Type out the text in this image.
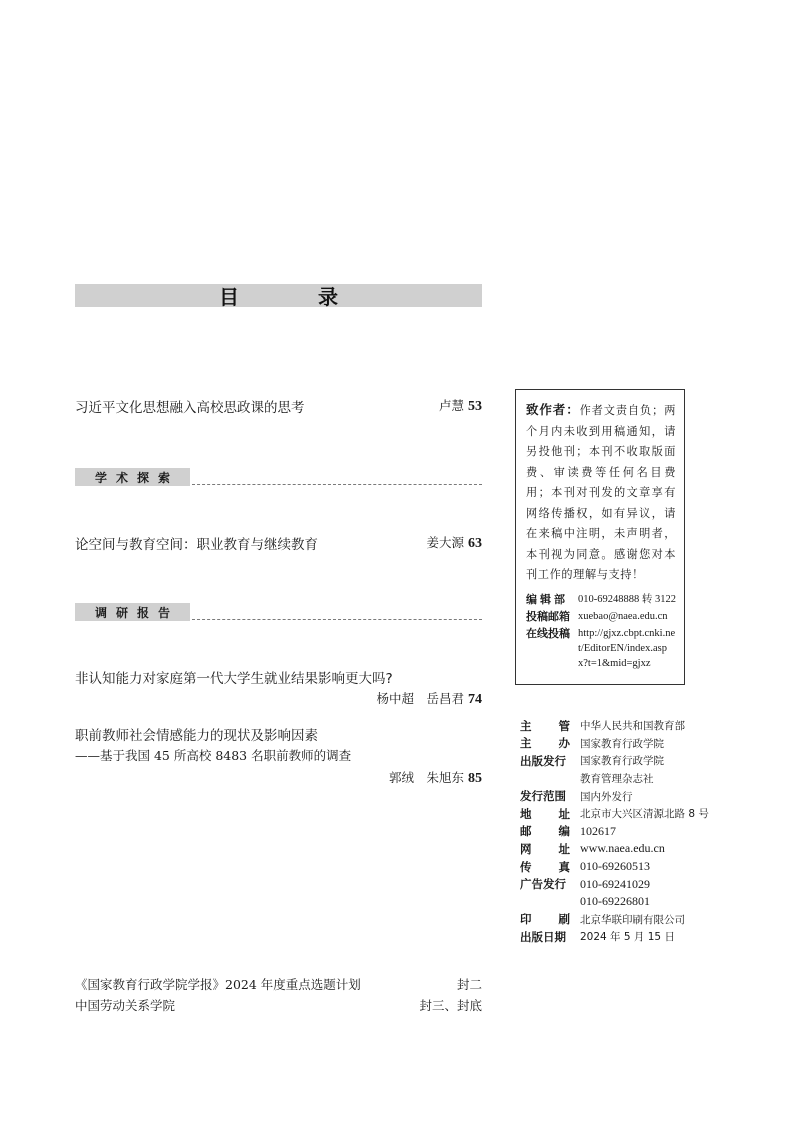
目 录
习近平文化思想融入高校思政课的思考	卢慧 53
学术探索
论空间与教育空间：职业教育与继续教育	姜大源 63
调研报告
非认知能力对家庭第一代大学生就业结果影响更大吗?
杨中超　岳昌君 74
职前教师社会情感能力的现状及影响因素
——基于我国 45 所高校 8483 名职前教师的调查
郭绒　朱旭东 85
致作者：作者文责自负；两个月内未收到用稿通知，请另投他刊；本刊不收取版面费、审读费等任何名目费用；本刊对刊发的文章享有网络传播权，如有异议，请在来稿中注明，未声明者，本刊视为同意。感谢您对本刊工作的理解与支持！
编辑部 010-69248888 转 3122
投稿邮箱 xuebao@naea.edu.cn
在线投稿 http://gjxz.cbpt.cnki.net/EditorEN/index.aspx?t=1&mid=gjxz
主 管 中华人民共和国教育部
主 办 国家教育行政学院
出版发行	国家教育行政学院
教育管理杂志社
发行范围	国内外发行
地 址 北京市大兴区清源北路 8 号
邮 编 102617
网 址 www.naea.edu.cn
传 真 010-69260513
广告发行	010-69241029
010-69226801
印 刷 北京华联印刷有限公司
出版日期	2024 年 5 月 15 日
《国家教育行政学院学报》2024 年度重点选题计划	封二
中国劳动关系学院	封三、封底
